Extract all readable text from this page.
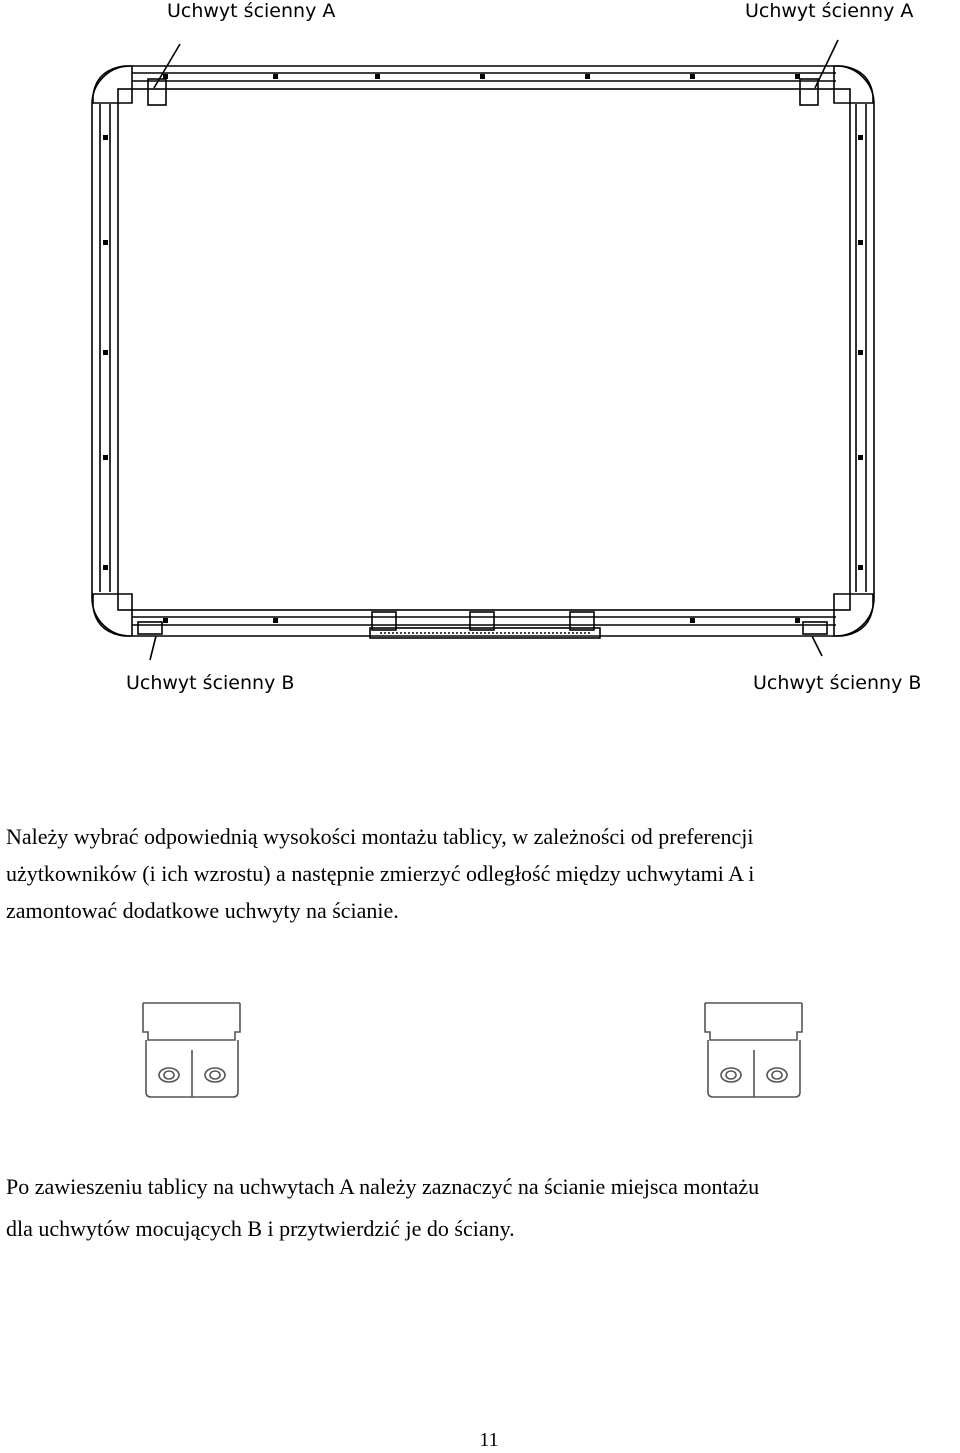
Uchwyt ścienny A	Uchwyt ścienny A
Uchwyt ścienny B	Uchwyt ścienny B

Należy wybrać odpowiednią wysokości montażu tablicy, w zależności od preferencji

użytkowników (i ich wzrostu) a następnie zmierzyć odległość między uchwytami A i

zamontować dodatkowe uchwyty na ścianie.

Po zawieszeniu tablicy na uchwytach A należy zaznaczyć na ścianie miejsca montażu

dla uchwytów mocujących B i przytwierdzić je do ściany.

11
